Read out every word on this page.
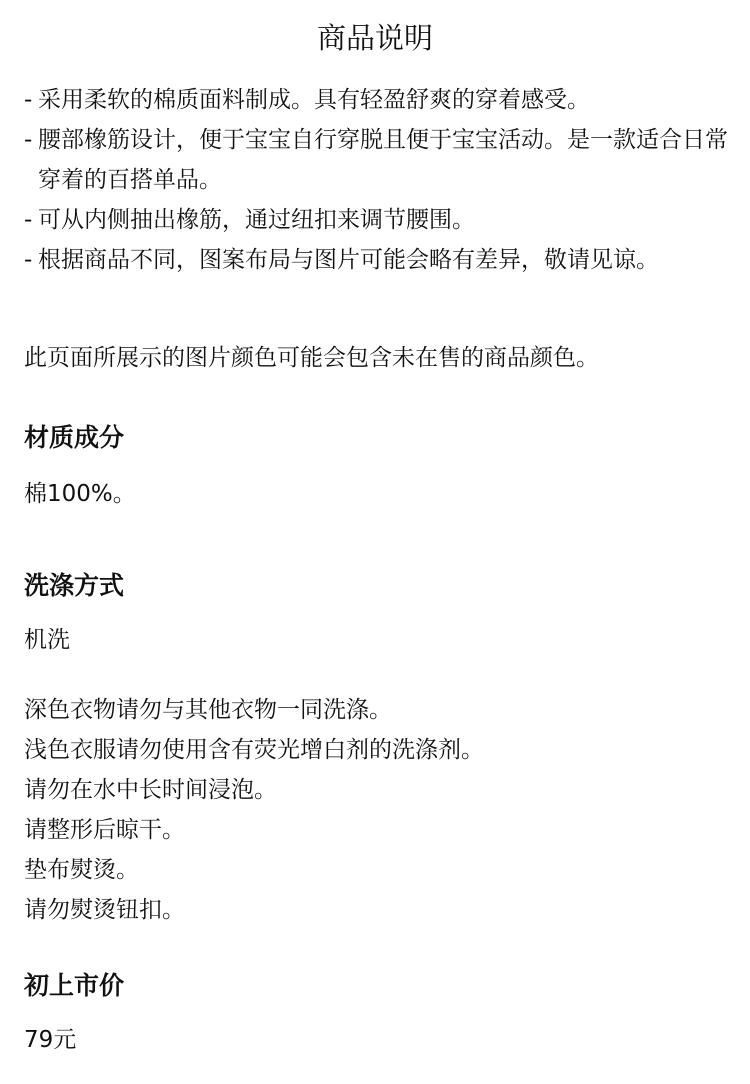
商品说明
- 采用柔软的棉质面料制成。具有轻盈舒爽的穿着感受。
- 腰部橡筋设计，便于宝宝自行穿脱且便于宝宝活动。是一款适合日常穿着的百搭单品。
- 可从内侧抽出橡筋，通过纽扣来调节腰围。
- 根据商品不同，图案布局与图片可能会略有差异，敬请见谅。

此页面所展示的图片颜色可能会包含未在售的商品颜色。

材质成分

棉100%。

洗涤方式

机洗

深色衣物请勿与其他衣物一同洗涤。
浅色衣服请勿使用含有荧光增白剂的洗涤剂。
请勿在水中长时间浸泡。
请整形后晾干。
垫布熨烫。
请勿熨烫钮扣。
初上市价

79元
